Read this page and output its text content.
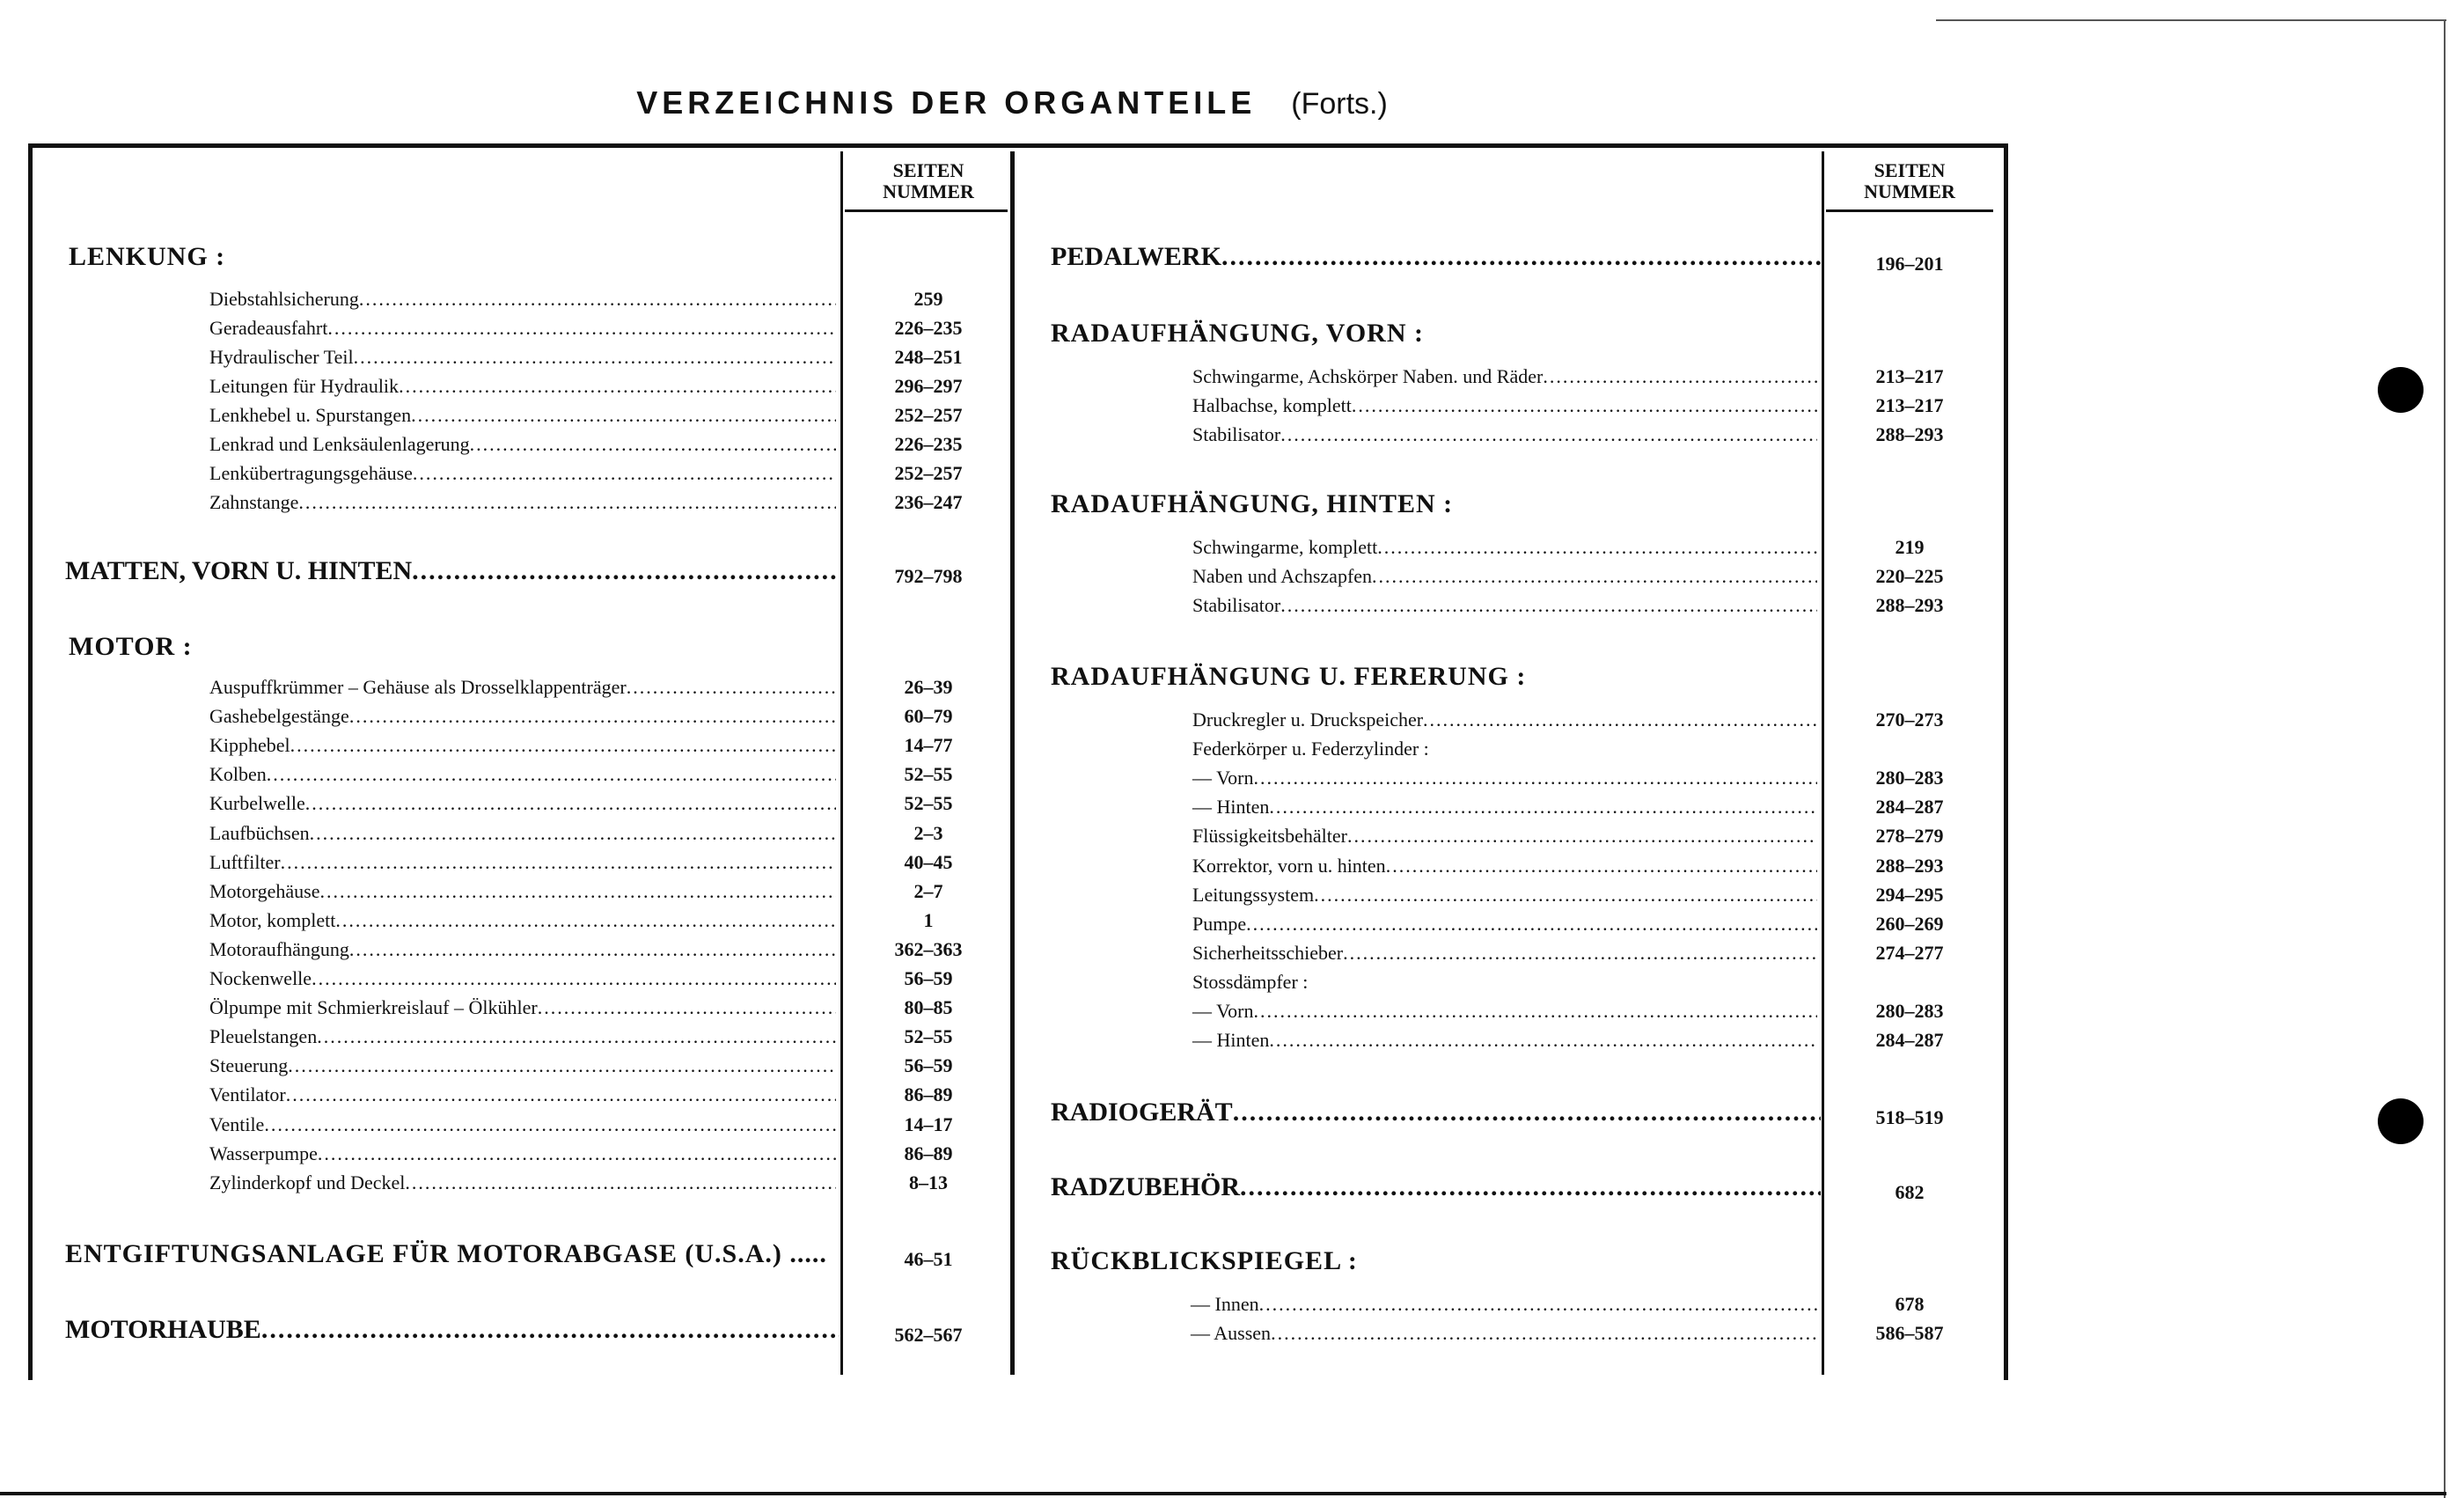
VERZEICHNIS DER ORGANTEILE (Forts.)
SEITEN
NUMMER
SEITEN
NUMMER
LENKUNG :
Diebstahlsicherung .....	259
Geradeausfahrt .....	226–235
Hydraulischer Teil .....	248–251
Leitungen für Hydraulik .....	296–297
Lenkhebel u. Spurstangen .....	252–257
Lenkrad und Lenksäulenlagerung .....	226–235
Lenkübertragungsgehäuse .....	252–257
Zahnstange .....	236–247
MATTEN, VORN U. HINTEN .....	792–798
MOTOR :
Auspuffkrümmer – Gehäuse als Drosselklappenträger .....	26–39
Gashebelgestänge .....	60–79
Kipphebel .....	14–77
Kolben .....	52–55
Kurbelwelle .....	52–55
Laufbüchsen .....	2–3
Luftfilter .....	40–45
Motorgehäuse .....	2–7
Motor, komplett .....	1
Motoraufhängung .....	362–363
Nockenwelle .....	56–59
Ölpumpe mit Schmierkreislauf – Ölkühler .....	80–85
Pleuelstangen .....	52–55
Steuerung .....	56–59
Ventilator .....	86–89
Ventile .....	14–17
Wasserpumpe .....	86–89
Zylinderkopf und Deckel .....	8–13
ENTGIFTUNGSANLAGE FÜR MOTORABGASE (U.S.A.) .....	46–51
MOTORHAUBE .....	562–567
PEDALWERK .....	196–201
RADAUFHÄNGUNG, VORN :
Schwingarme, Achskörper Naben. und Räder .....	213–217
Halbachse, komplett .....	213–217
Stabilisator .....	288–293
RADAUFHÄNGUNG, HINTEN :
Schwingarme, komplett .....	219
Naben und Achszapfen .....	220–225
Stabilisator .....	288–293
RADAUFHÄNGUNG U. FERERUNG :
Druckregler u. Druckspeicher .....	270–273
Federkörper u. Federzylinder :
— Vorn .....	280–283
— Hinten .....	284–287
Flüssigkeitsbehälter .....	278–279
Korrektor, vorn u. hinten .....	288–293
Leitungssystem .....	294–295
Pumpe .....	260–269
Sicherheitsschieber .....	274–277
Stossdämpfer :
— Vorn .....	280–283
— Hinten .....	284–287
RADIOGERÄT .....	518–519
RADZUBEHÖR .....	682
RÜCKBLICKSPIEGEL :
— Innen .....	678
— Aussen .....	586–587
